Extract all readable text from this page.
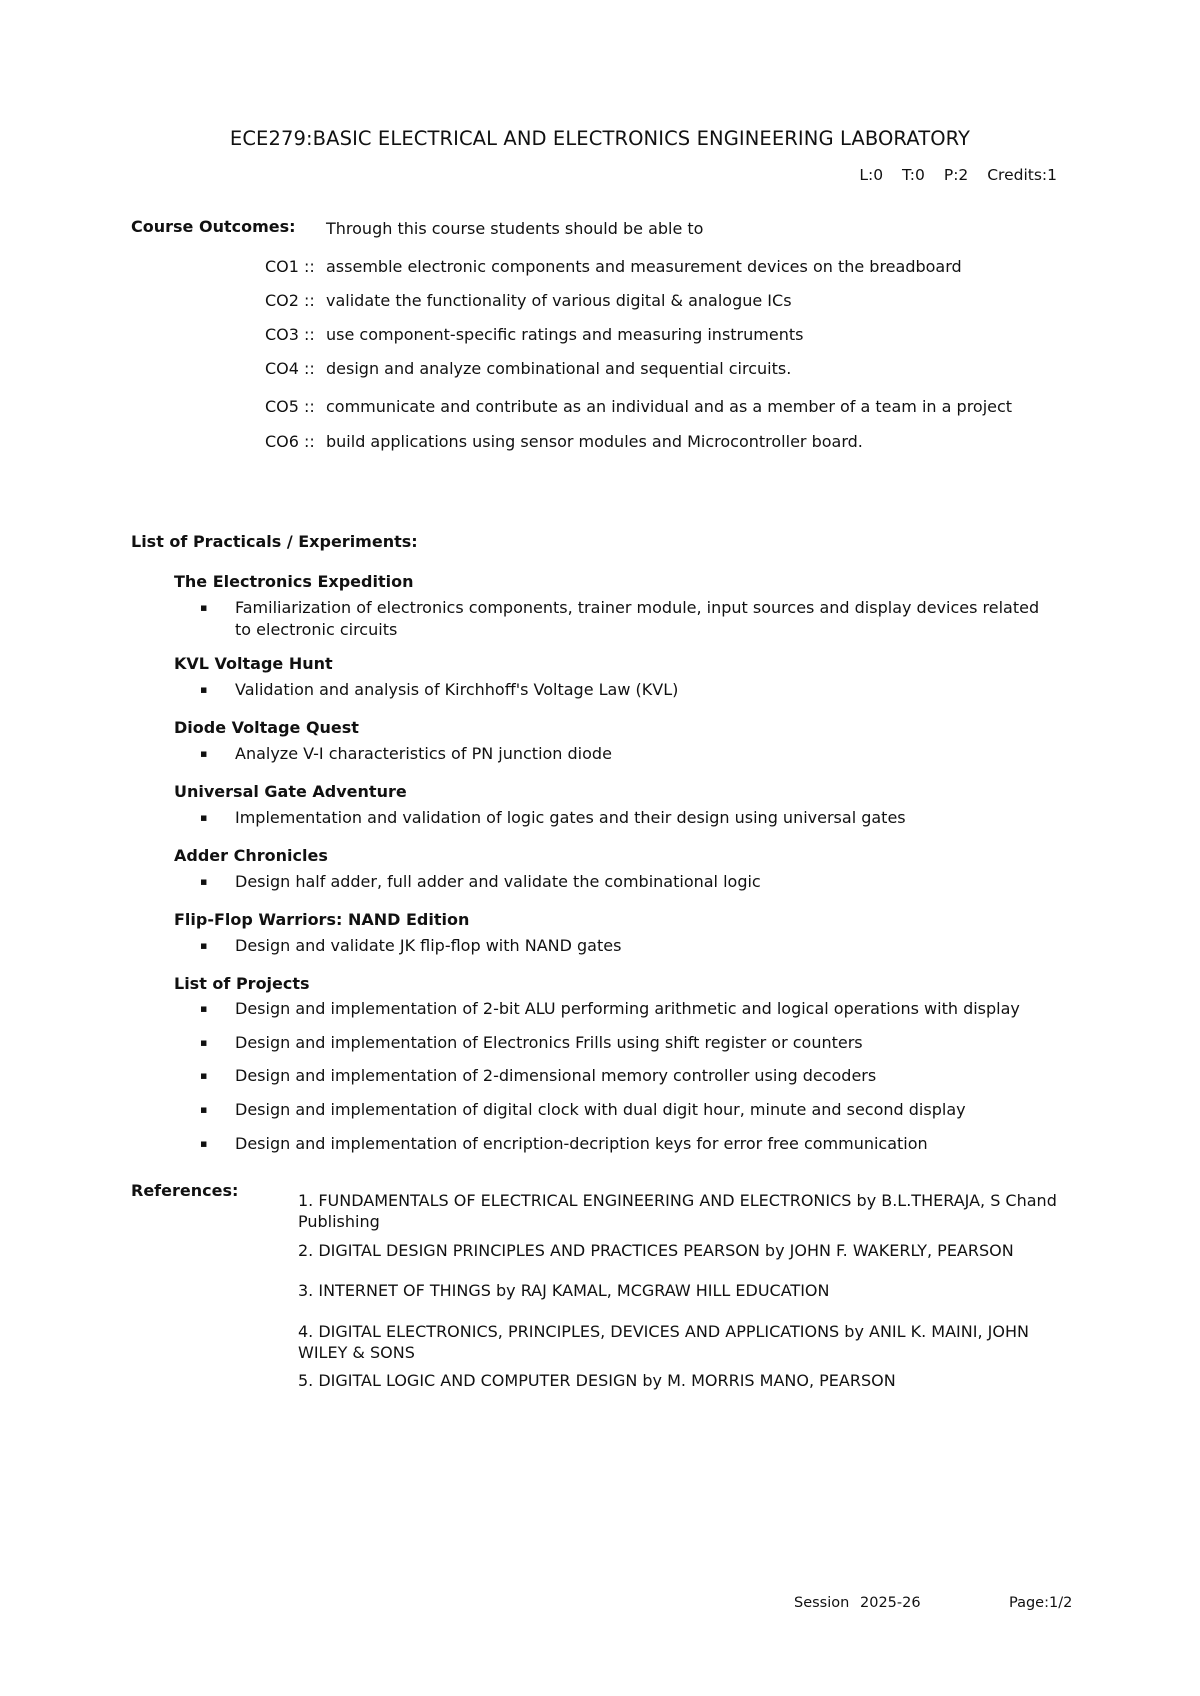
ECE279:BASIC ELECTRICAL AND ELECTRONICS ENGINEERING LABORATORY
L:0 T:0 P:2 Credits:1
Course Outcomes: Through this course students should be able to
CO1 :: assemble electronic components and measurement devices on the breadboard
CO2 :: validate the functionality of various digital & analogue ICs
CO3 :: use component-specific ratings and measuring instruments
CO4 :: design and analyze combinational and sequential circuits.
CO5 :: communicate and contribute as an individual and as a member of a team in a project
CO6 :: build applications using sensor modules and Microcontroller board.
List of Practicals / Experiments:
The Electronics Expedition
▪ Familiarization of electronics components, trainer module, input sources and display devices related
to electronic circuits
KVL Voltage Hunt
▪ Validation and analysis of Kirchhoff's Voltage Law (KVL)
Diode Voltage Quest
▪ Analyze V-I characteristics of PN junction diode
Universal Gate Adventure
▪ Implementation and validation of logic gates and their design using universal gates
Adder Chronicles
▪ Design half adder, full adder and validate the combinational logic
Flip-Flop Warriors: NAND Edition
▪ Design and validate JK flip-flop with NAND gates
List of Projects
▪ Design and implementation of 2-bit ALU performing arithmetic and logical operations with display
▪ Design and implementation of Electronics Frills using shift register or counters
▪ Design and implementation of 2-dimensional memory controller using decoders
▪ Design and implementation of digital clock with dual digit hour, minute and second display
▪ Design and implementation of encription-decription keys for error free communication
References:
1. FUNDAMENTALS OF ELECTRICAL ENGINEERING AND ELECTRONICS by B.L.THERAJA, S Chand Publishing
2. DIGITAL DESIGN PRINCIPLES AND PRACTICES PEARSON by JOHN F. WAKERLY, PEARSON
3. INTERNET OF THINGS by RAJ KAMAL, MCGRAW HILL EDUCATION
4. DIGITAL ELECTRONICS, PRINCIPLES, DEVICES AND APPLICATIONS by ANIL K. MAINI, JOHN WILEY & SONS
5. DIGITAL LOGIC AND COMPUTER DESIGN by M. MORRIS MANO, PEARSON
Session 2025-26	Page:1/2
